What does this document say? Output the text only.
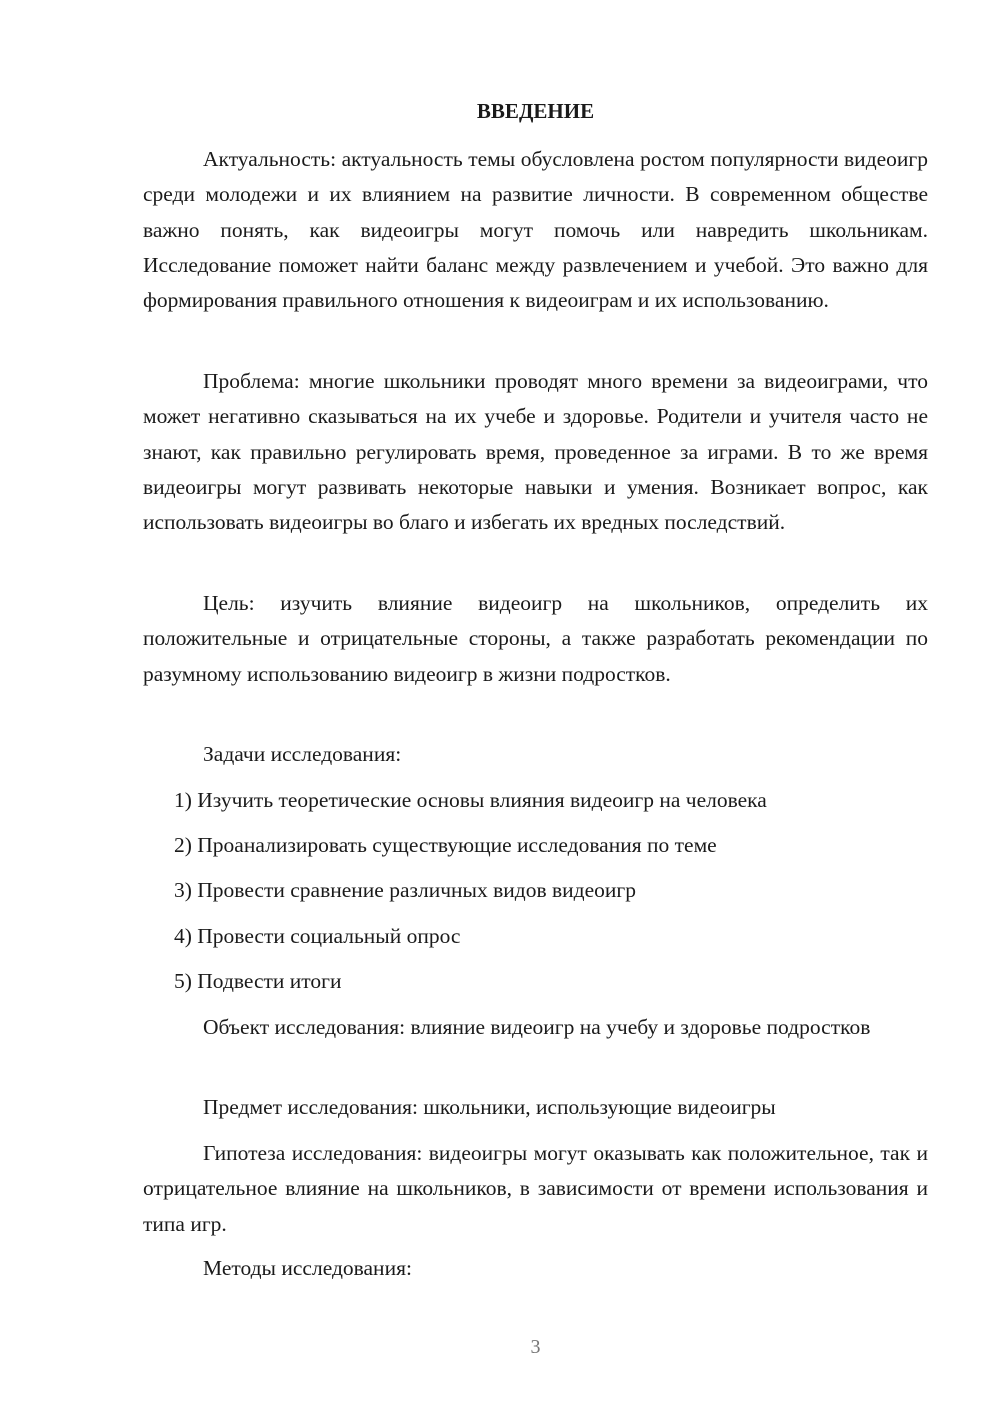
ВВЕДЕНИЕ

Актуальность: актуальность темы обусловлена ростом популярности видеоигр среди молодежи и их влиянием на развитие личности. В современном обществе важно понять, как видеоигры могут помочь или навредить школьникам. Исследование поможет найти баланс между развлечением и учебой. Это важно для формирования правильного отношения к видеоиграм и их использованию.

Проблема: многие школьники проводят много времени за видеоиграми, что может негативно сказываться на их учебе и здоровье. Родители и учителя часто не знают, как правильно регулировать время, проведенное за играми. В то же время видеоигры могут развивать некоторые навыки и умения. Возникает вопрос, как использовать видеоигры во благо и избегать их вредных последствий.

Цель: изучить влияние видеоигр на школьников, определить их положительные и отрицательные стороны, а также разработать рекомендации по разумному использованию видеоигр в жизни подростков.

Задачи исследования:

1) Изучить теоретические основы влияния видеоигр на человека

2) Проанализировать существующие исследования по теме

3) Провести сравнение различных видов видеоигр

4) Провести социальный опрос

5) Подвести итоги

Объект исследования: влияние видеоигр на учебу и здоровье подростков

Предмет исследования: школьники, использующие видеоигры

Гипотеза исследования: видеоигры могут оказывать как положительное, так и отрицательное влияние на школьников, в зависимости от времени использования и типа игр.

Методы исследования:

3
